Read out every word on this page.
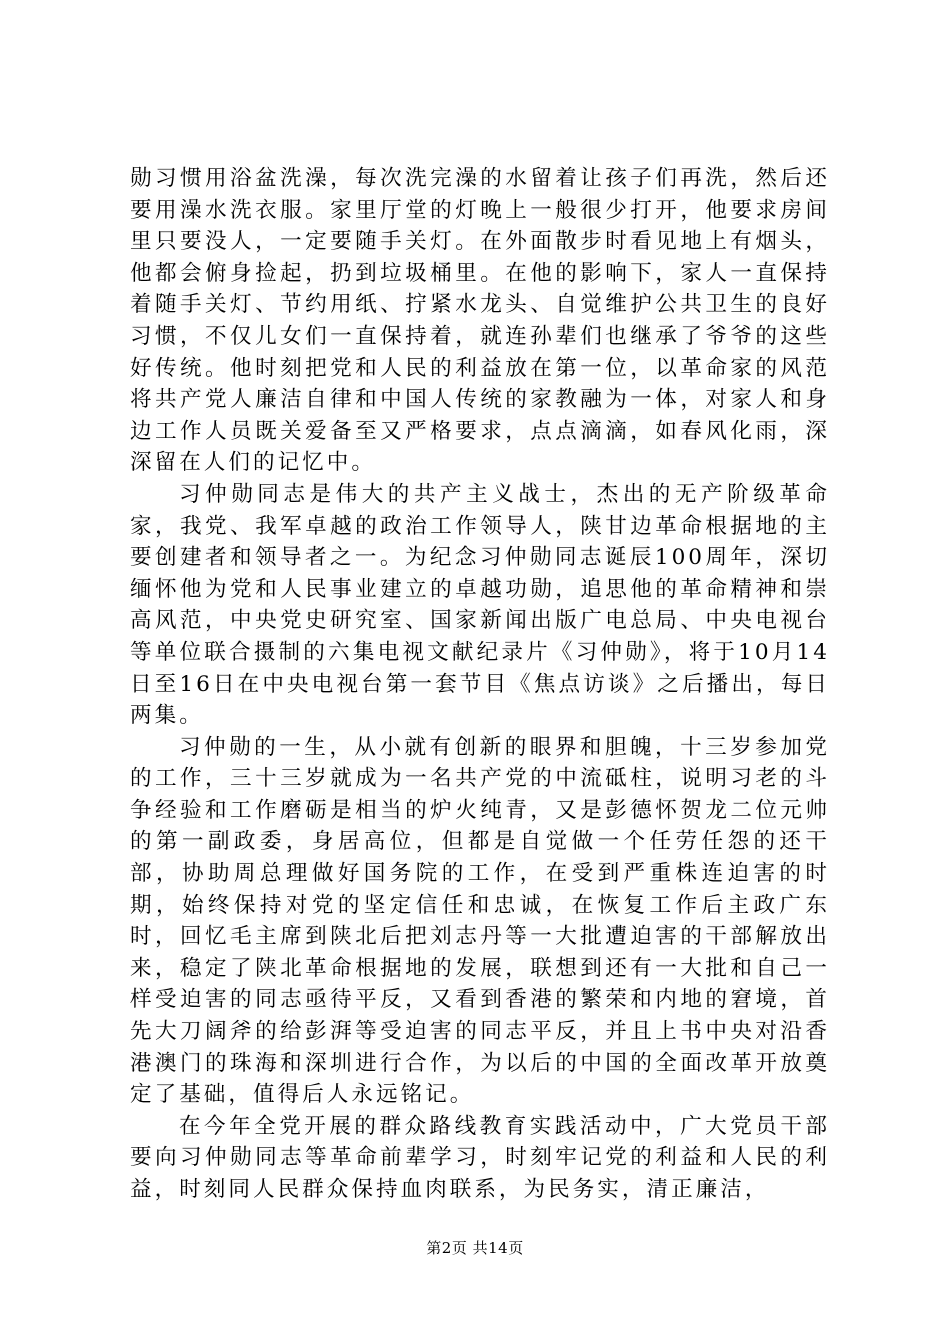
勋习惯用浴盆洗澡，每次洗完澡的水留着让孩子们再洗，然后还要用澡水洗衣服。家里厅堂的灯晚上一般很少打开，他要求房间里只要没人，一定要随手关灯。在外面散步时看见地上有烟头，他都会俯身捡起，扔到垃圾桶里。在他的影响下，家人一直保持着随手关灯、节约用纸、拧紧水龙头、自觉维护公共卫生的良好习惯，不仅儿女们一直保持着，就连孙辈们也继承了爷爷的这些好传统。他时刻把党和人民的利益放在第一位，以革命家的风范将共产党人廉洁自律和中国人传统的家教融为一体，对家人和身边工作人员既关爱备至又严格要求，点点滴滴，如春风化雨，深深留在人们的记忆中。

习仲勋同志是伟大的共产主义战士，杰出的无产阶级革命家，我党、我军卓越的政治工作领导人，陕甘边革命根据地的主要创建者和领导者之一。为纪念习仲勋同志诞辰100周年，深切缅怀他为党和人民事业建立的卓越功勋，追思他的革命精神和崇高风范，中央党史研究室、国家新闻出版广电总局、中央电视台等单位联合摄制的六集电视文献纪录片《习仲勋》，将于10月14日至16日在中央电视台第一套节目《焦点访谈》之后播出，每日两集。

习仲勋的一生，从小就有创新的眼界和胆魄，十三岁参加党的工作，三十三岁就成为一名共产党的中流砥柱，说明习老的斗争经验和工作磨砺是相当的炉火纯青，又是彭德怀贺龙二位元帅的第一副政委，身居高位，但都是自觉做一个任劳任怨的还干部，协助周总理做好国务院的工作，在受到严重株连迫害的时期，始终保持对党的坚定信任和忠诚，在恢复工作后主政广东时，回忆毛主席到陕北后把刘志丹等一大批遭迫害的干部解放出来，稳定了陕北革命根据地的发展，联想到还有一大批和自己一样受迫害的同志亟待平反，又看到香港的繁荣和内地的窘境，首先大刀阔斧的给彭湃等受迫害的同志平反，并且上书中央对沿香港澳门的珠海和深圳进行合作，为以后的中国的全面改革开放奠定了基础，值得后人永远铭记。

在今年全党开展的群众路线教育实践活动中，广大党员干部要向习仲勋同志等革命前辈学习，时刻牢记党的利益和人民的利益，时刻同人民群众保持血肉联系，为民务实，清正廉洁，

第2页 共14页
